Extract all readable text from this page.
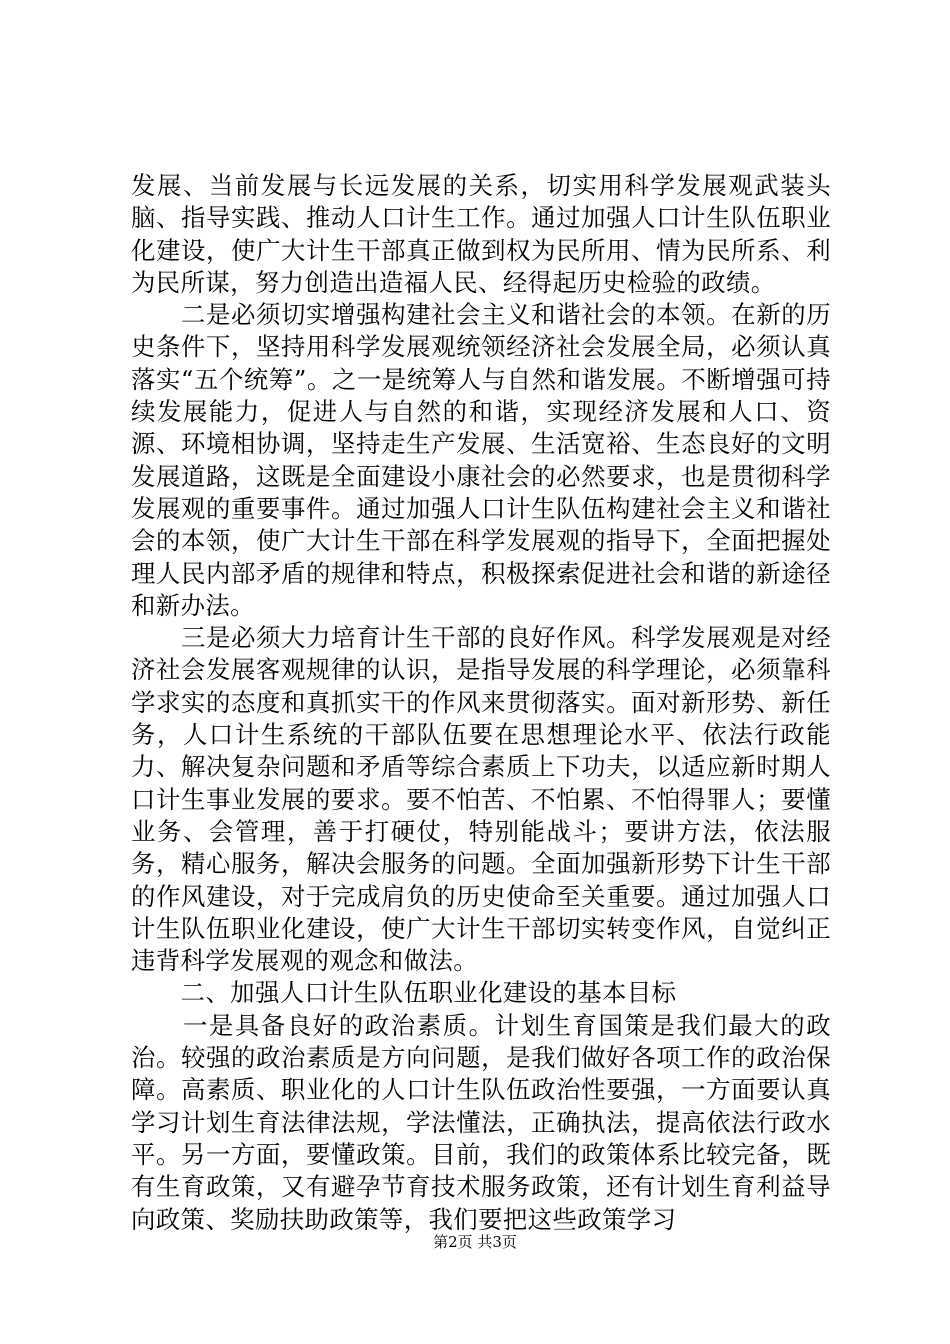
发展、当前发展与长远发展的关系，切实用科学发展观武装头脑、指导实践、推动人口计生工作。通过加强人口计生队伍职业化建设，使广大计生干部真正做到权为民所用、情为民所系、利为民所谋，努力创造出造福人民、经得起历史检验的政绩。

　　二是必须切实增强构建社会主义和谐社会的本领。在新的历史条件下，坚持用科学发展观统领经济社会发展全局，必须认真落实“五个统筹”。之一是统筹人与自然和谐发展。不断增强可持续发展能力，促进人与自然的和谐，实现经济发展和人口、资源、环境相协调，坚持走生产发展、生活宽裕、生态良好的文明发展道路，这既是全面建设小康社会的必然要求，也是贯彻科学发展观的重要事件。通过加强人口计生队伍构建社会主义和谐社会的本领，使广大计生干部在科学发展观的指导下，全面把握处理人民内部矛盾的规律和特点，积极探索促进社会和谐的新途径和新办法。

　　三是必须大力培育计生干部的良好作风。科学发展观是对经济社会发展客观规律的认识，是指导发展的科学理论，必须靠科学求实的态度和真抓实干的作风来贯彻落实。面对新形势、新任务，人口计生系统的干部队伍要在思想理论水平、依法行政能力、解决复杂问题和矛盾等综合素质上下功夫，以适应新时期人口计生事业发展的要求。要不怕苦、不怕累、不怕得罪人；要懂业务、会管理，善于打硬仗，特别能战斗；要讲方法，依法服务，精心服务，解决会服务的问题。全面加强新形势下计生干部的作风建设，对于完成肩负的历史使命至关重要。通过加强人口计生队伍职业化建设，使广大计生干部切实转变作风，自觉纠正违背科学发展观的观念和做法。

　　二、加强人口计生队伍职业化建设的基本目标

　　一是具备良好的政治素质。计划生育国策是我们最大的政治。较强的政治素质是方向问题，是我们做好各项工作的政治保障。高素质、职业化的人口计生队伍政治性要强，一方面要认真学习计划生育法律法规，学法懂法，正确执法，提高依法行政水平。另一方面，要懂政策。目前，我们的政策体系比较完备，既有生育政策，又有避孕节育技术服务政策，还有计划生育利益导向政策、奖励扶助政策等，我们要把这些政策学习

第2页 共3页
